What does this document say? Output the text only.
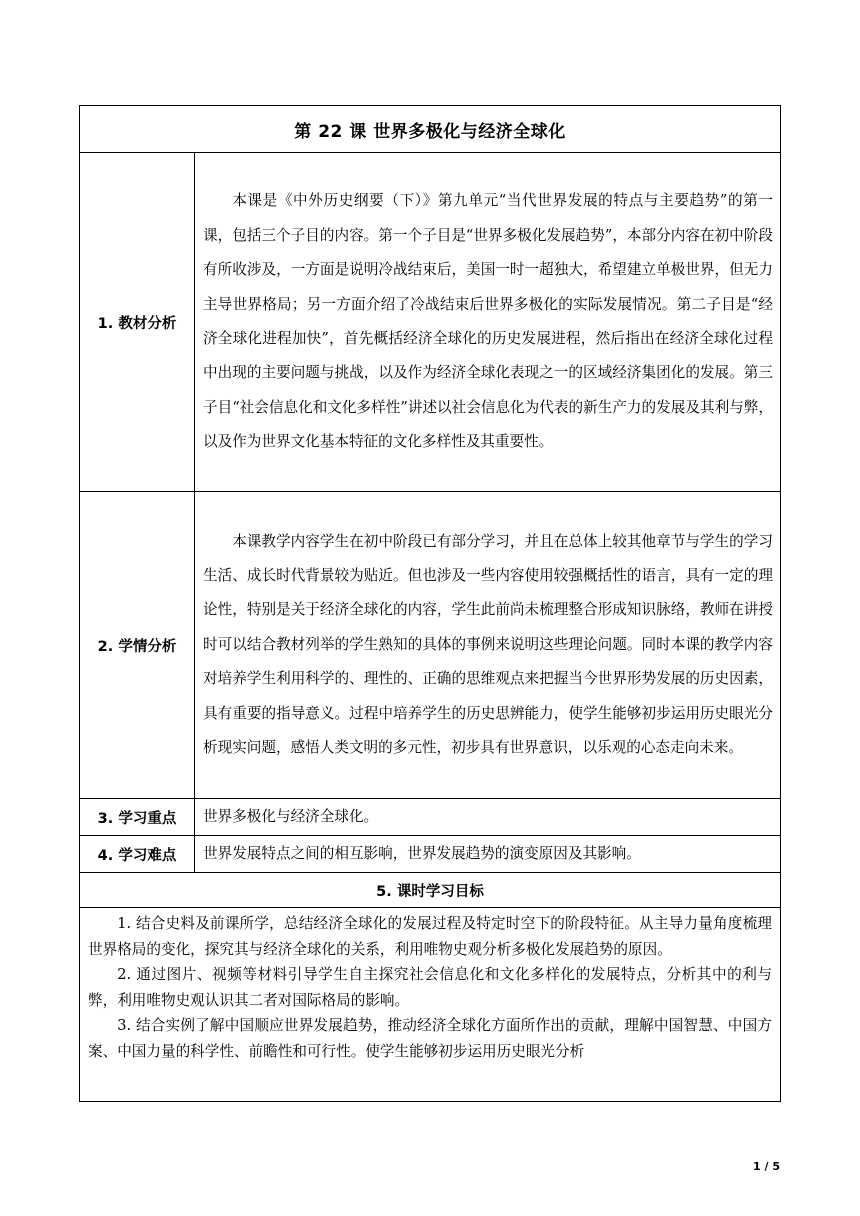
第 22 课 世界多极化与经济全球化	
1. 教材分析	本课是《中外历史纲要（下）》第九单元“当代世界发展的特点与主要趋势”的第一课，包括三个子目的内容。第一个子目是“世界多极化发展趋势”，本部分内容在初中阶段有所收涉及，一方面是说明冷战结束后，美国一时一超独大，希望建立单极世界，但无力主导世界格局；另一方面介绍了冷战结束后世界多极化的实际发展情况。第二子目是“经济全球化进程加快”，首先概括经济全球化的历史发展进程，然后指出在经济全球化过程中出现的主要问题与挑战，以及作为经济全球化表现之一的区域经济集团化的发展。第三子目“社会信息化和文化多样性”讲述以社会信息化为代表的新生产力的发展及其利与弊，以及作为世界文化基本特征的文化多样性及其重要性。

2. 学情分析	本课教学内容学生在初中阶段已有部分学习，并且在总体上较其他章节与学生的学习生活、成长时代背景较为贴近。但也涉及一些内容使用较强概括性的语言，具有一定的理论性，特别是关于经济全球化的内容，学生此前尚未梳理整合形成知识脉络，教师在讲授时可以结合教材列举的学生熟知的具体的事例来说明这些理论问题。同时本课的教学内容对培养学生利用科学的、理性的、正确的思维观点来把握当今世界形势发展的历史因素，具有重要的指导意义。过程中培养学生的历史思辨能力，使学生能够初步运用历史眼光分析现实问题，感悟人类文明的多元性，初步具有世界意识，以乐观的心态走向未来。

3. 学习重点	世界多极化与经济全球化。

4. 学习难点	世界发展特点之间的相互影响，世界发展趋势的演变原因及其影响。

5. 课时学习目标	

1. 结合史料及前课所学，总结经济全球化的发展过程及特定时空下的阶段特征。从主导力量角度梳理世界格局的变化，探究其与经济全球化的关系，利用唯物史观分析多极化发展趋势的原因。

2. 通过图片、视频等材料引导学生自主探究社会信息化和文化多样化的发展特点，分析其中的利与弊，利用唯物史观认识其二者对国际格局的影响。

3. 结合实例了解中国顺应世界发展趋势，推动经济全球化方面所作出的贡献，理解中国智慧、中国方案、中国力量的科学性、前瞻性和可行性。使学生能够初步运用历史眼光分析	

1 / 5
